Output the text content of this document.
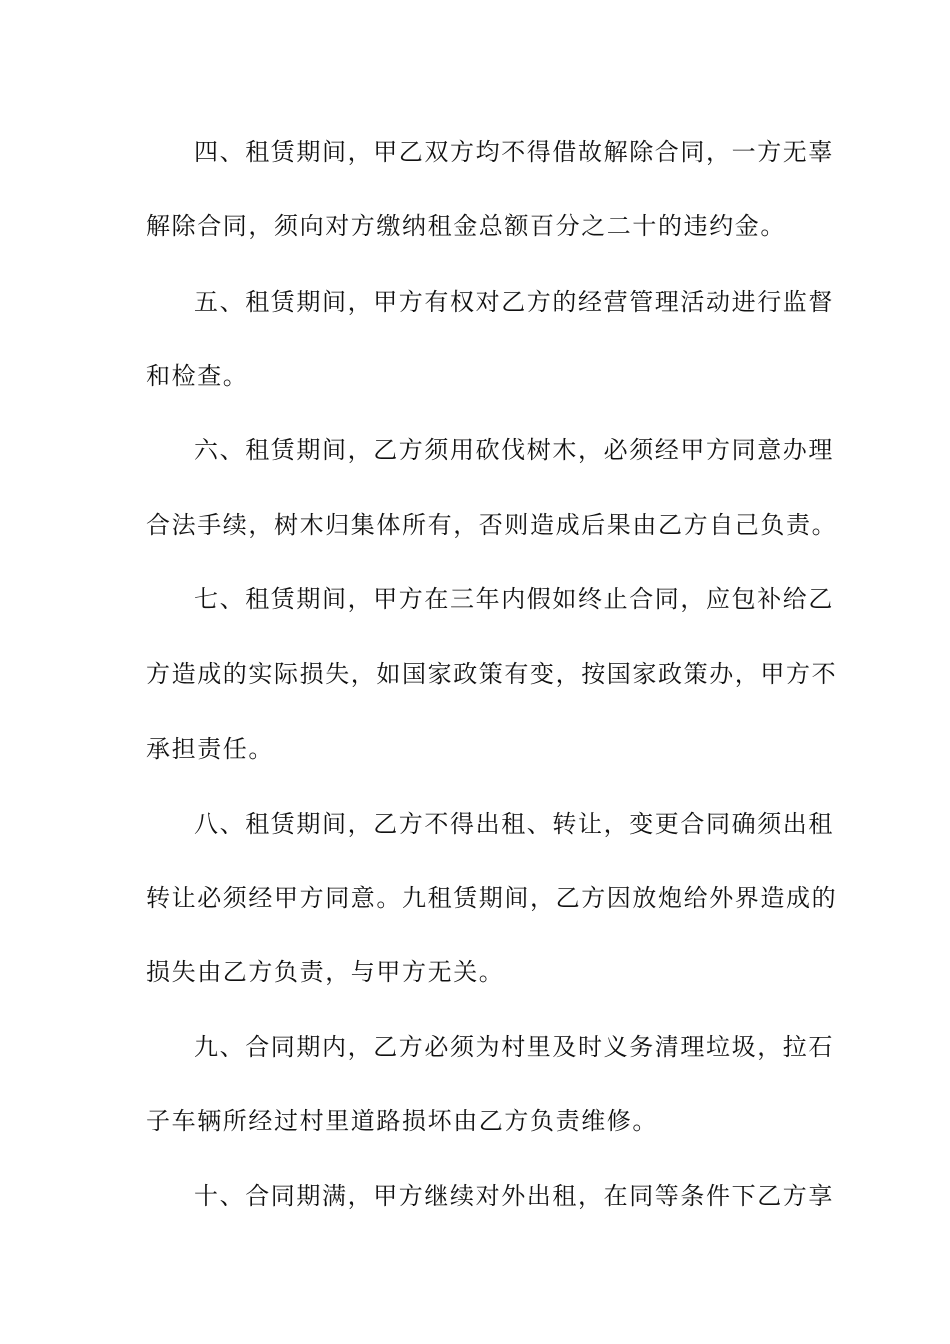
四、租赁期间，甲乙双方均不得借故解除合同，一方无辜
解除合同，须向对方缴纳租金总额百分之二十的违约金。
五、租赁期间，甲方有权对乙方的经营管理活动进行监督
和检查。
六、租赁期间，乙方须用砍伐树木，必须经甲方同意办理
合法手续，树木归集体所有，否则造成后果由乙方自己负责。
七、租赁期间，甲方在三年内假如终止合同，应包补给乙
方造成的实际损失，如国家政策有变，按国家政策办，甲方不
承担责任。
八、租赁期间，乙方不得出租、转让，变更合同确须出租
转让必须经甲方同意。九租赁期间，乙方因放炮给外界造成的
损失由乙方负责，与甲方无关。
九、合同期内，乙方必须为村里及时义务清理垃圾，拉石
子车辆所经过村里道路损坏由乙方负责维修。
十、合同期满，甲方继续对外出租，在同等条件下乙方享
